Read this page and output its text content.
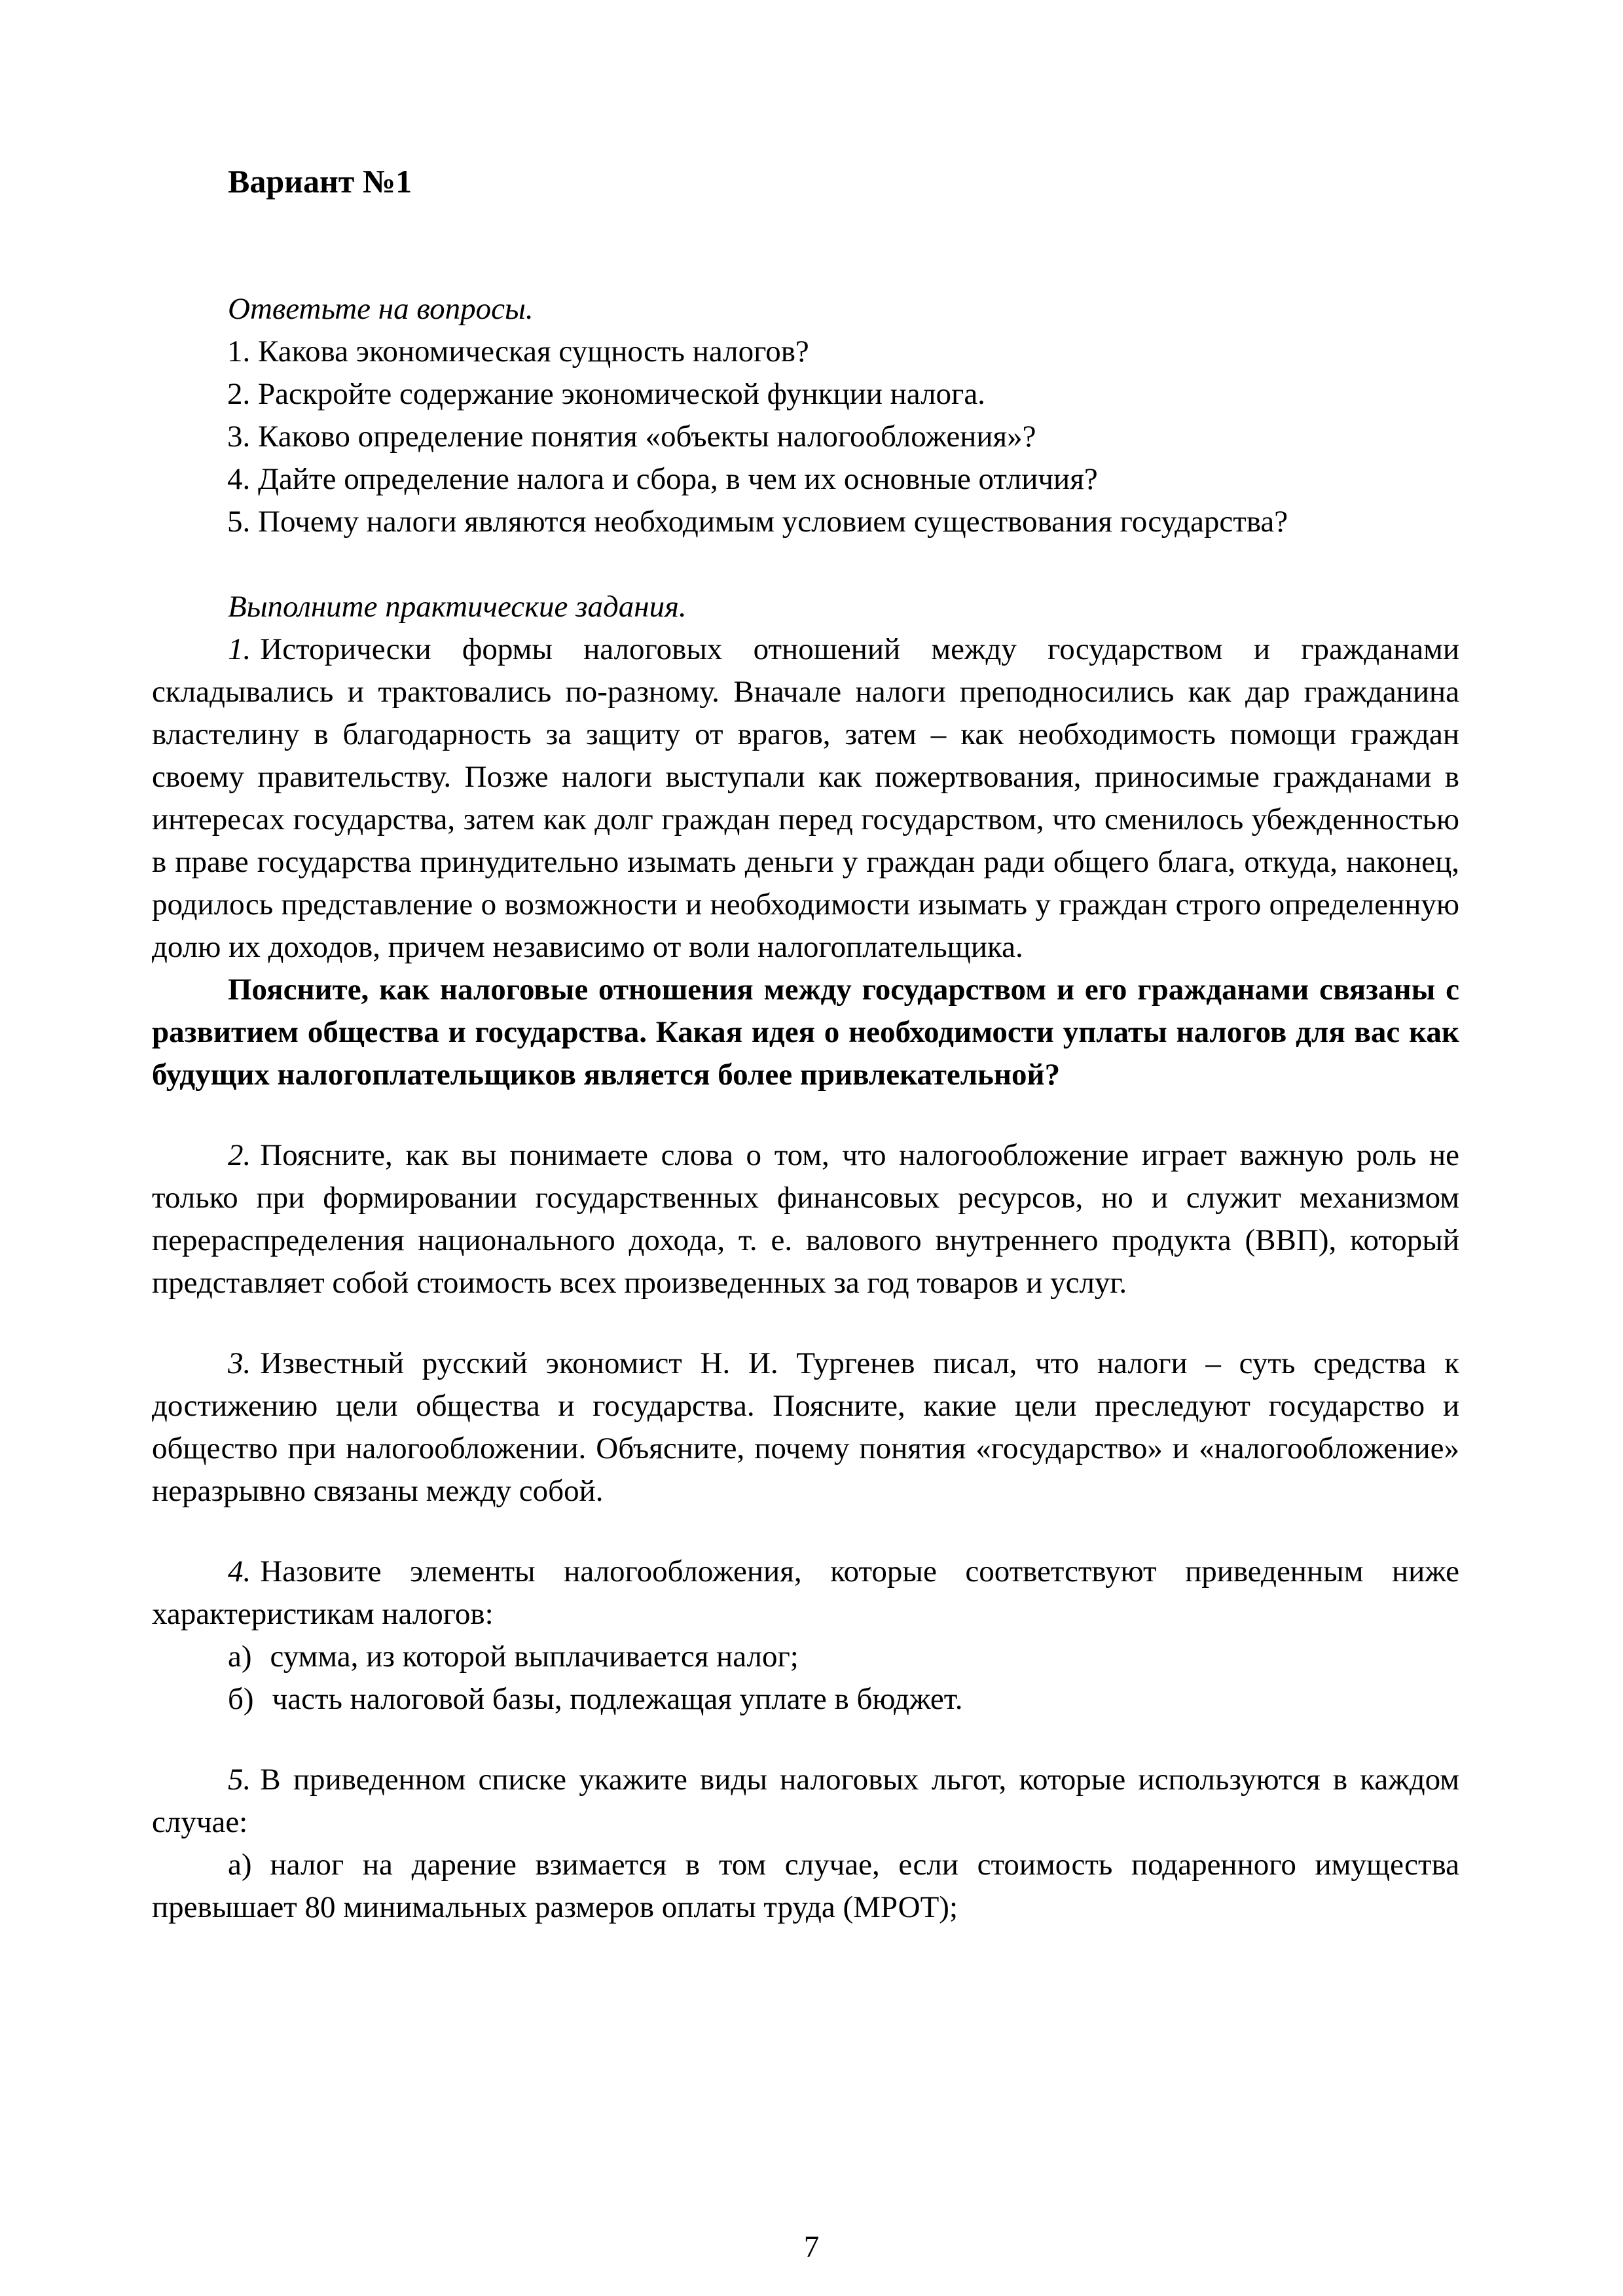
Вариант №1

Ответьте на вопросы.

1. Какова экономическая сущность налогов?

2. Раскройте содержание экономической функции налога.

3. Каково определение понятия «объекты налогообложения»?

4. Дайте определение налога и сбора, в чем их основные отличия?

5. Почему налоги являются необходимым условием существования государства?

Выполните практические задания.

1. Исторически формы налоговых отношений между государством и гражданами складывались и трактовались по-разному. Вначале налоги преподносились как дар гражданина властелину в благодарность за защиту от врагов, затем – как необходимость помощи граждан своему правительству. Позже налоги выступали как пожертвования, приносимые гражданами в интересах государства, затем как долг граждан перед государством, что сменилось убежденностью в праве государства принудительно изымать деньги у граждан ради общего блага, откуда, наконец, родилось представление о возможности и необходимости изымать у граждан строго определенную долю их доходов, причем независимо от воли налогоплательщика.

Поясните, как налоговые отношения между государством и его гражданами связаны с развитием общества и государства. Какая идея о необходимости уплаты налогов для вас как будущих налогоплательщиков является более привлекательной?

2. Поясните, как вы понимаете слова о том, что налогообложение играет важную роль не только при формировании государственных финансовых ресурсов, но и служит механизмом перераспределения национального дохода, т. е. валового внутреннего продукта (ВВП), который представляет собой стоимость всех произведенных за год товаров и услуг.

3. Известный русский экономист Н. И. Тургенев писал, что налоги – суть средства к достижению цели общества и государства. Поясните, какие цели преследуют государство и общество при налогообложении. Объясните, почему понятия «государство» и «налогообложение» неразрывно связаны между собой.

4. Назовите элементы налогообложения, которые соответствуют приведенным ниже характеристикам налогов:

а) сумма, из которой выплачивается налог;

б) часть налоговой базы, подлежащая уплате в бюджет.

5. В приведенном списке укажите виды налоговых льгот, которые используются в каждом случае:

а) налог на дарение взимается в том случае, если стоимость подаренного имущества превышает 80 минимальных размеров оплаты труда (МРОТ);

7
